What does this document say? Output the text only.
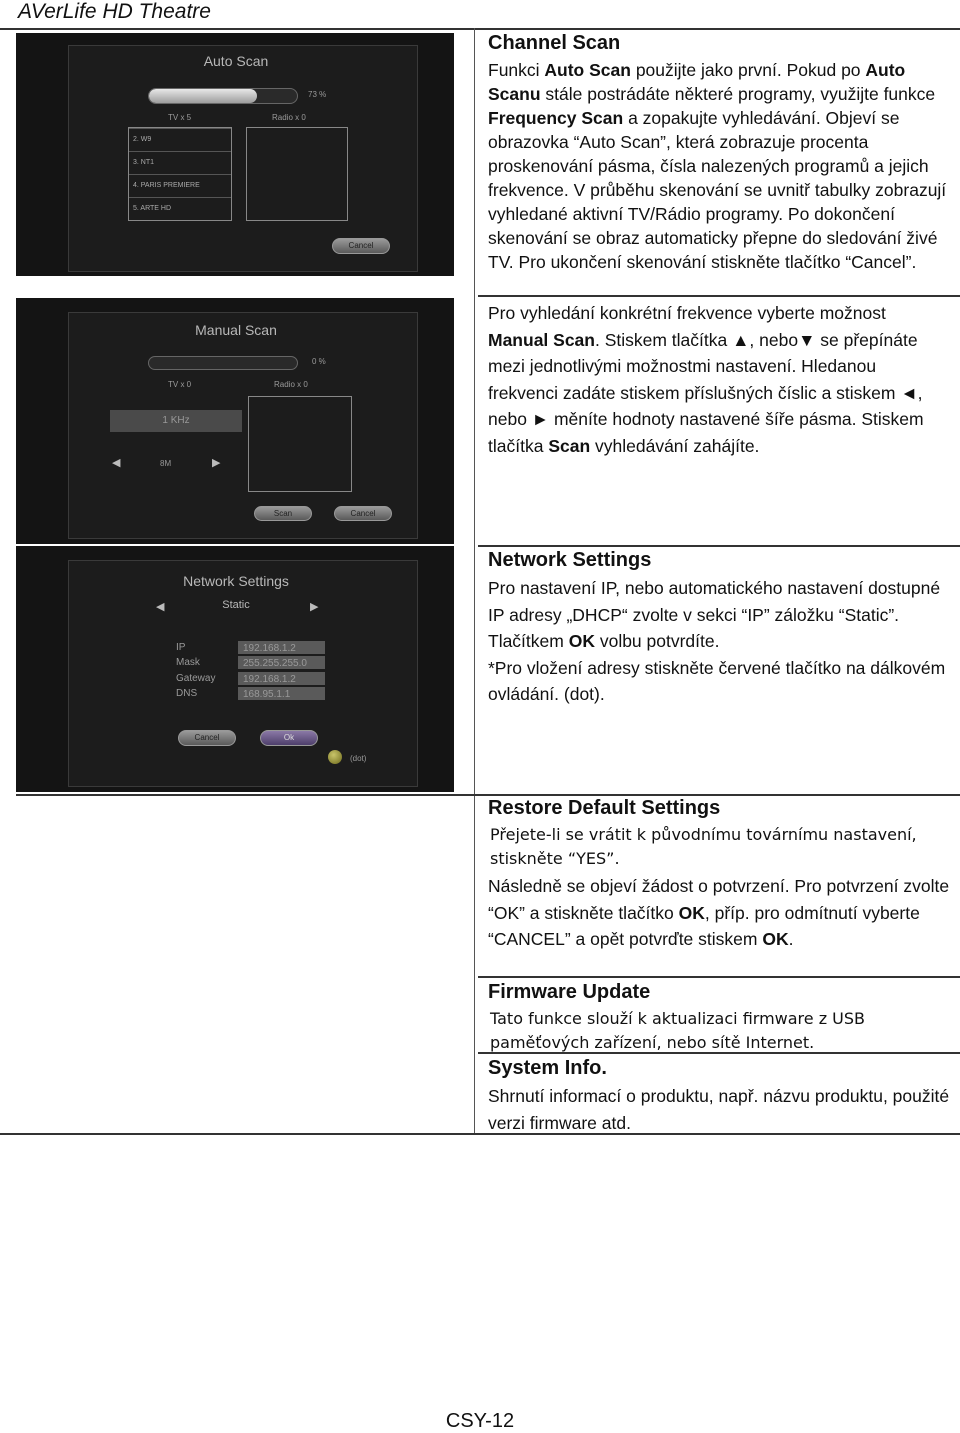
AVerLife HD Theatre
Auto Scan
73 %
TV x 5	Radio x 0
2. W9
3. NT1
4. PARIS PREMIERE
5. ARTE HD
Cancel
Manual Scan
0 %
TV x 0	Radio x 0
1 KHz
◀	8M	▶
Scan	Cancel
Channel Scan
Funkci Auto Scan použijte jako první. Pokud po Auto Scanu stále postrádáte některé programy, využijte funkce Frequency Scan a zopakujte vyhledávání. Objeví se obrazovka “Auto Scan”, která zobrazuje procenta proskenování pásma, čísla nalezených programů a jejich frekvence. V průběhu skenování se uvnitř tabulky zobrazují vyhledané aktivní TV/Rádio programy. Po dokončení skenování se obraz automaticky přepne do sledování živé TV. Pro ukončení skenování stiskněte tlačítko “Cancel”.
Pro vyhledání konkrétní frekvence vyberte možnost Manual Scan. Stiskem tlačítka ▲, nebo▼ se přepínáte mezi jednotlivými možnostmi nastavení. Hledanou frekvenci zadáte stiskem příslušných číslic a stiskem ◄, nebo ► měníte hodnoty nastavené šíře pásma. Stiskem tlačítka Scan vyhledávání zahájíte.
Network Settings
◀	Static	▶
IP	192.168.1.2
Mask	255.255.255.0
Gateway	192.168.1.2
DNS	168.95.1.1
Cancel	Ok
(dot)
Network Settings
Pro nastavení IP, nebo automatického nastavení dostupné IP adresy „DHCP“ zvolte v sekci “IP” záložku “Static”. Tlačítkem OK volbu potvrdíte.
*Pro vložení adresy stiskněte červené tlačítko na dálkovém ovládání. (dot).
Restore Default Settings
Přejete-li se vrátit k původnímu továrnímu nastavení, stiskněte “YES”.
Následně se objeví žádost o potvrzení. Pro potvrzení zvolte “OK” a stiskněte tlačítko OK, příp. pro odmítnutí vyberte “CANCEL” a opět potvrďte stiskem OK.
Firmware Update
Tato funkce slouží k aktualizaci firmware z USB paměťových zařízení, nebo sítě Internet.
System Info.
Shrnutí informací o produktu, např. názvu produktu, použité verzi firmware atd.
CSY-12
